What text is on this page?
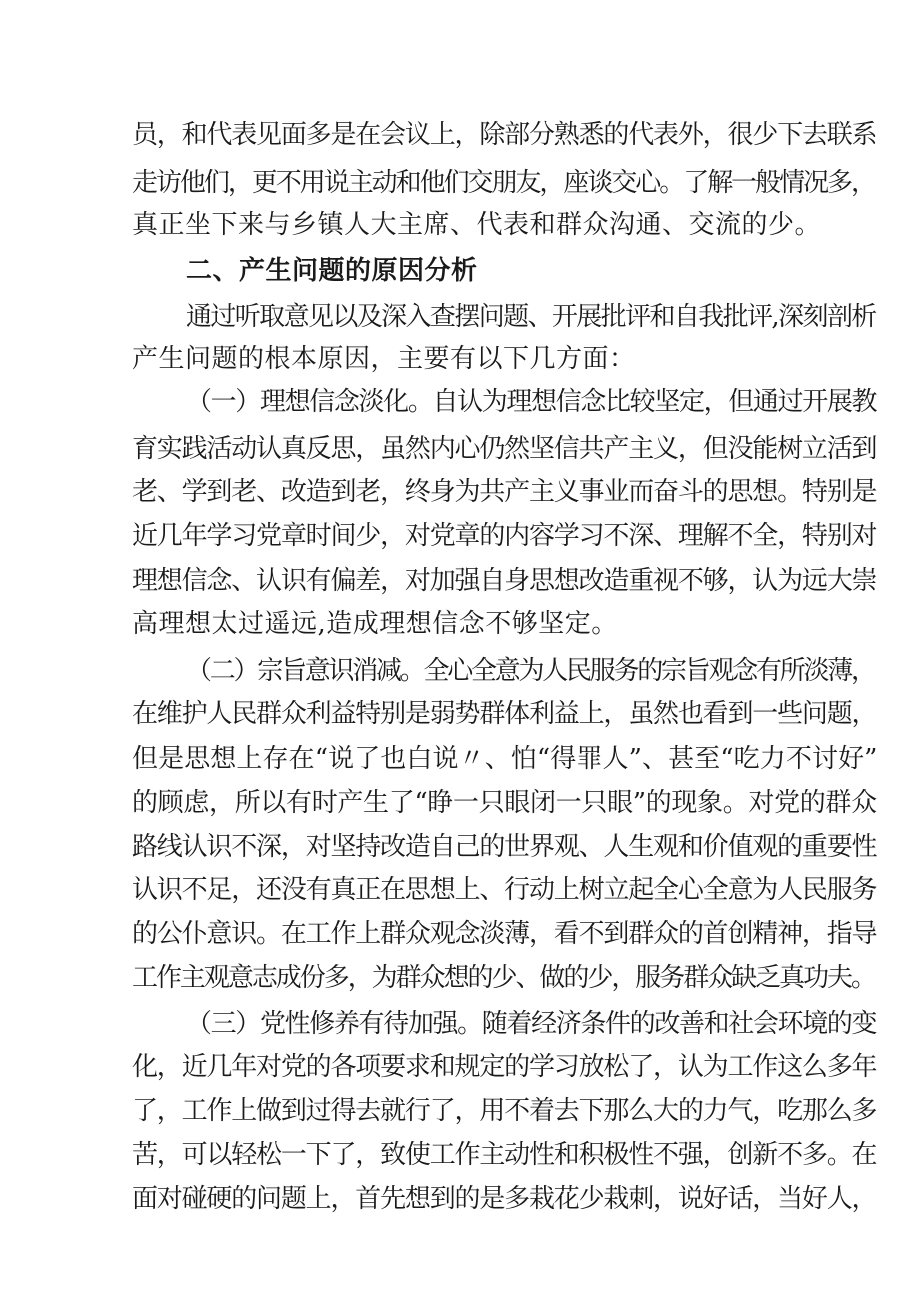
员，和代表见面多是在会议上，除部分熟悉的代表外，很少下去联系

走访他们，更不用说主动和他们交朋友，座谈交心。了解一般情况多，

真正坐下来与乡镇人大主席、代表和群众沟通、交流的少。

二、产生问题的原因分析

通过听取意见以及深入查摆问题、开展批评和自我批评,深刻剖析

产生问题的根本原因，主要有以下几方面：

（一）理想信念淡化。自认为理想信念比较坚定，但通过开展教

育实践活动认真反思，虽然内心仍然坚信共产主义，但没能树立活到

老、学到老、改造到老，终身为共产主义事业而奋斗的思想。特别是

近几年学习党章时间少，对党章的内容学习不深、理解不全，特别对

理想信念、认识有偏差，对加强自身思想改造重视不够，认为远大崇

高理想太过遥远,造成理想信念不够坚定。

（二）宗旨意识消减。全心全意为人民服务的宗旨观念有所淡薄，

在维护人民群众利益特别是弱势群体利益上，虽然也看到一些问题，

但是思想上存在“说了也白说〃、怕“得罪人”、甚至“吃力不讨好”

的顾虑，所以有时产生了“睁一只眼闭一只眼”的现象。对党的群众

路线认识不深，对坚持改造自己的世界观、人生观和价值观的重要性

认识不足，还没有真正在思想上、行动上树立起全心全意为人民服务

的公仆意识。在工作上群众观念淡薄，看不到群众的首创精神，指导

工作主观意志成份多，为群众想的少、做的少，服务群众缺乏真功夫。

（三）党性修养有待加强。随着经济条件的改善和社会环境的变

化，近几年对党的各项要求和规定的学习放松了，认为工作这么多年

了，工作上做到过得去就行了，用不着去下那么大的力气，吃那么多

苦，可以轻松一下了，致使工作主动性和积极性不强，创新不多。在

面对碰硬的问题上，首先想到的是多栽花少栽刺，说好话，当好人，
